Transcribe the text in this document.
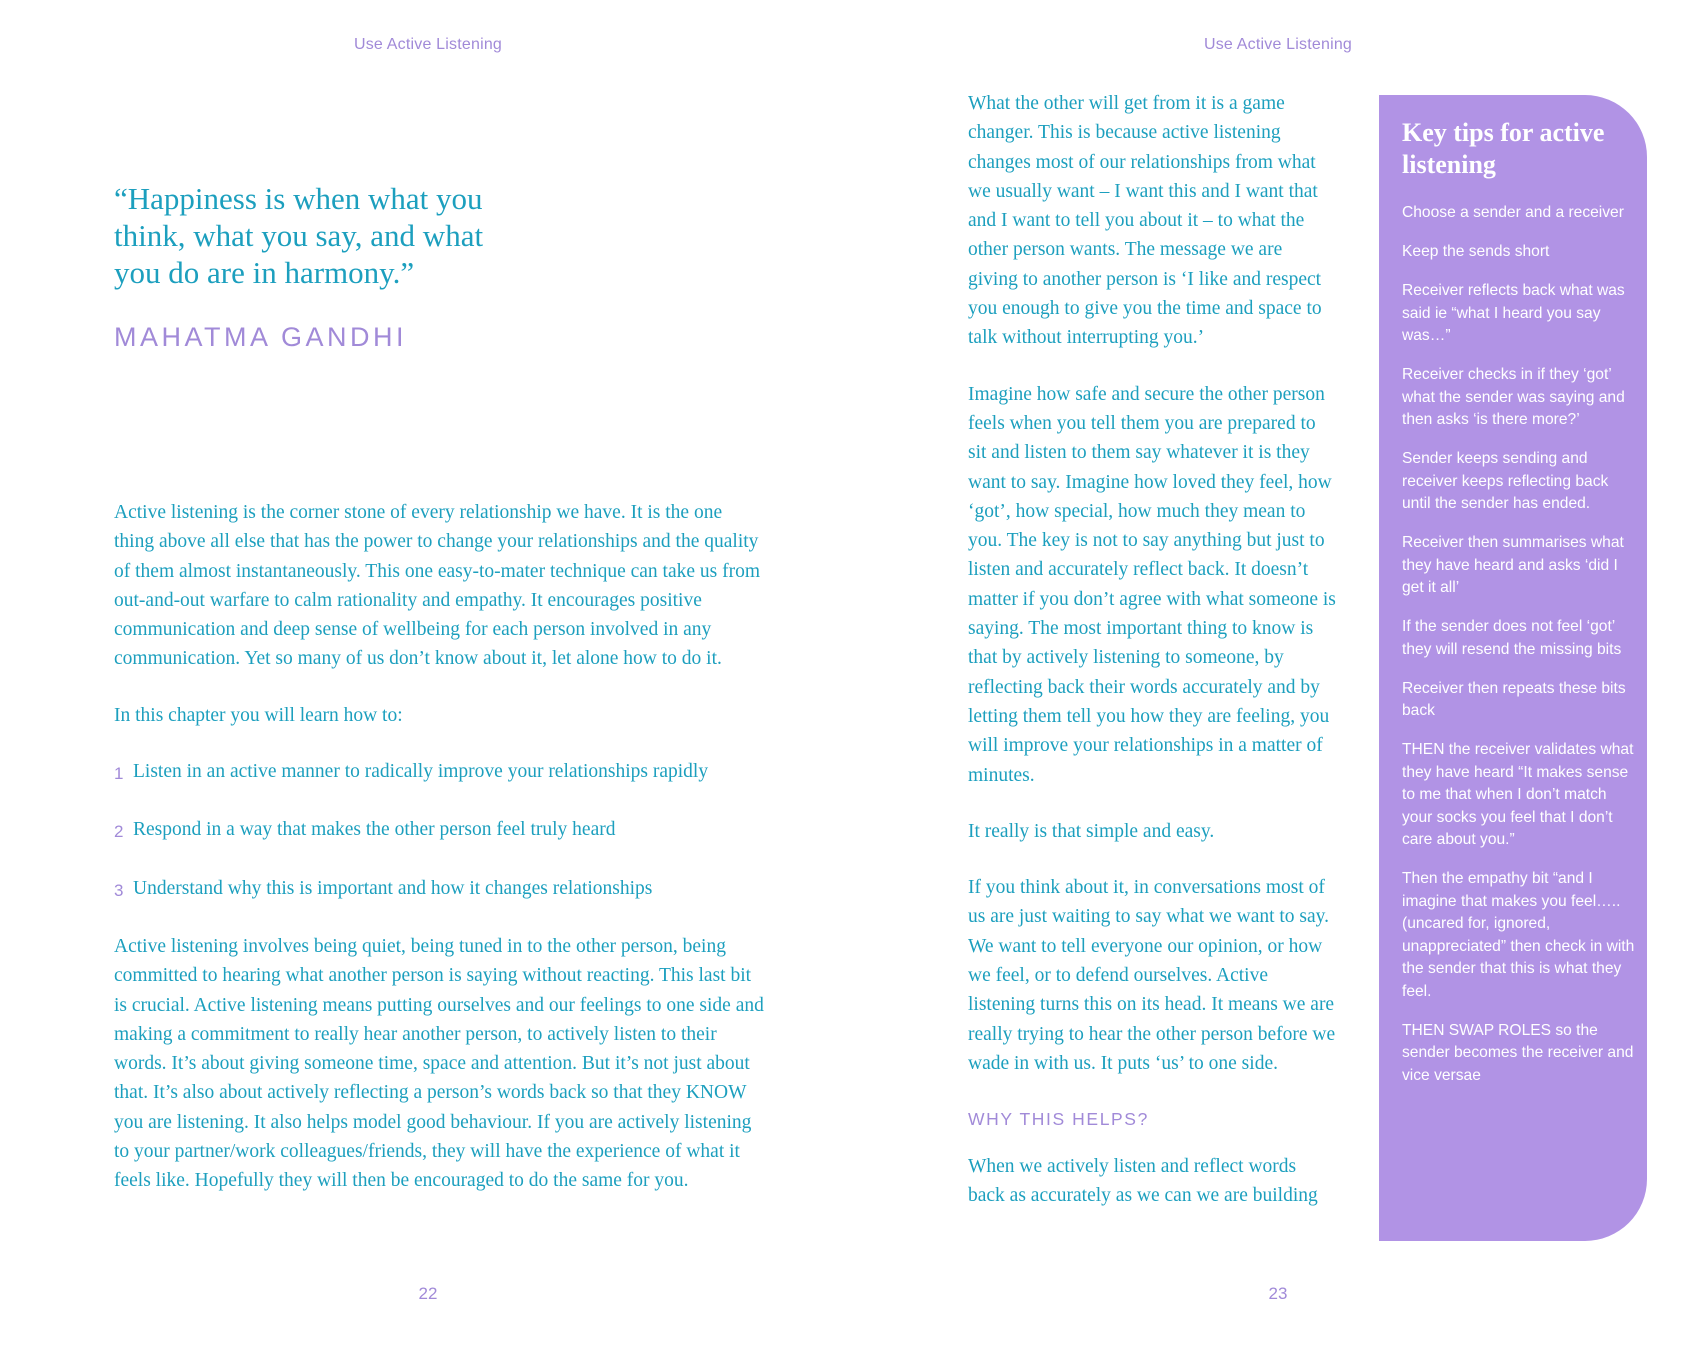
Use Active Listening

“Happiness is when what you think, what you say, and what you do are in harmony.”

MAHATMA GANDHI

Active listening is the corner stone of every relationship we have. It is the one thing above all else that has the power to change your relationships and the quality of them almost instantaneously. This one easy-to-mater technique can take us from out-and-out warfare to calm rationality and empathy. It encourages positive communication and deep sense of wellbeing for each person involved in any communication. Yet so many of us don’t know about it, let alone how to do it.

In this chapter you will learn how to:

1 Listen in an active manner to radically improve your relationships rapidly
2 Respond in a way that makes the other person feel truly heard
3 Understand why this is important and how it changes relationships

Active listening involves being quiet, being tuned in to the other person, being committed to hearing what another person is saying without reacting. This last bit is crucial. Active listening means putting ourselves and our feelings to one side and making a commitment to really hear another person, to actively listen to their words. It’s about giving someone time, space and attention. But it’s not just about that. It’s also about actively reflecting a person’s words back so that they KNOW you are listening. It also helps model good behaviour. If you are actively listening to your partner/work colleagues/friends, they will have the experience of what it feels like. Hopefully they will then be encouraged to do the same for you.

22
Use Active Listening

What the other will get from it is a game changer. This is because active listening changes most of our relationships from what we usually want – I want this and I want that and I want to tell you about it – to what the other person wants. The message we are giving to another person is ‘I like and respect you enough to give you the time and space to talk without interrupting you.’

Imagine how safe and secure the other person feels when you tell them you are prepared to sit and listen to them say whatever it is they want to say. Imagine how loved they feel, how ‘got’, how special, how much they mean to you. The key is not to say anything but just to listen and accurately reflect back. It doesn’t matter if you don’t agree with what someone is saying. The most important thing to know is that by actively listening to someone, by reflecting back their words accurately and by letting them tell you how they are feeling, you will improve your relationships in a matter of minutes.

It really is that simple and easy.

If you think about it, in conversations most of us are just waiting to say what we want to say. We want to tell everyone our opinion, or how we feel, or to defend ourselves. Active listening turns this on its head. It means we are really trying to hear the other person before we wade in with us. It puts ‘us’ to one side.

WHY THIS HELPS?

When we actively listen and reflect words back as accurately as we can we are building

Key tips for active listening
Choose a sender and a receiver
Keep the sends short
Receiver reflects back what was said ie “what I heard you say was…”
Receiver checks in if they ‘got’ what the sender was saying and then asks ‘is there more?’
Sender keeps sending and receiver keeps reflecting back until the sender has ended.
Receiver then summarises what they have heard and asks ‘did I get it all’
If the sender does not feel ‘got’ they will resend the missing bits
Receiver then repeats these bits back
THEN the receiver validates what they have heard “It makes sense to me that when I don’t match your socks you feel that I don’t care about you.”
Then the empathy bit “and I imagine that makes you feel…..(uncared for, ignored, unappreciated” then check in with the sender that this is what they feel.
THEN SWAP ROLES so the sender becomes the receiver and vice versae
23
